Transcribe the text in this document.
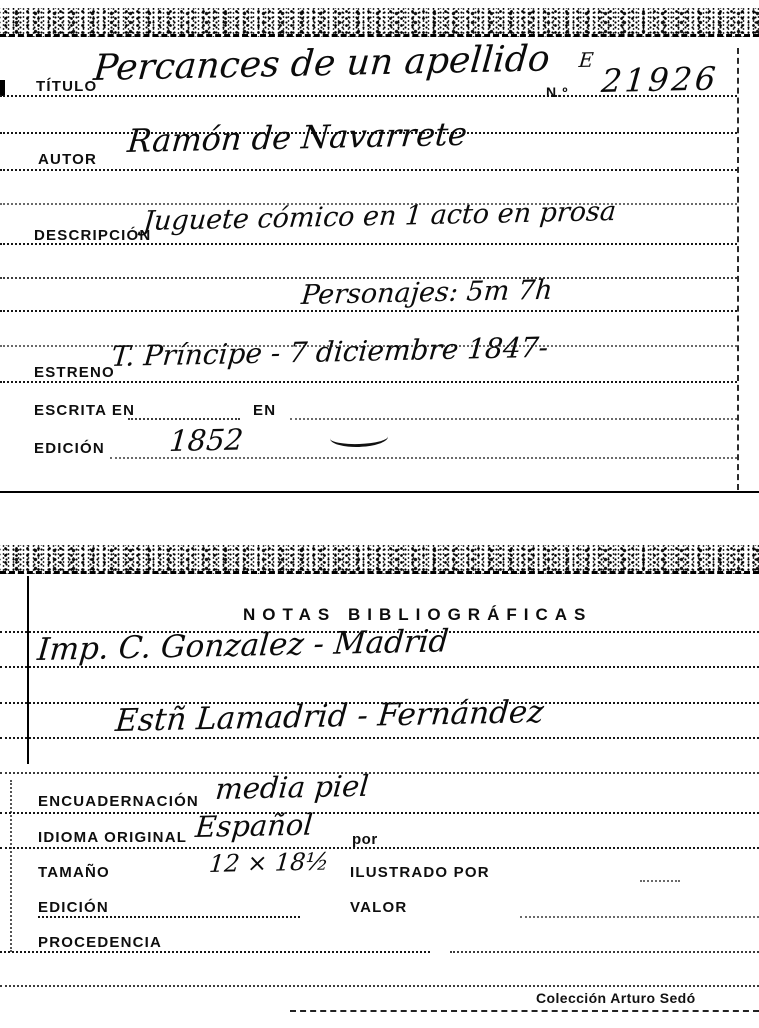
TÍTULO
Percances de un apellido
N.º
E 21926
AUTOR Ramón de Navarrete
DESCRIPCIÓN
Juguete cómico en 1 acto en prosa
Personajes: 5m 7h
ESTRENO
T. Príncipe - 7 diciembre 1847-
ESCRITA EN	EN
EDICIÓN 1852
NOTAS BIBLIOGRÁFICAS
Imp. C. Gonzalez - Madrid
Estñ Lamadrid - Fernández
ENCUADERNACIÓN media piel
IDIOMA ORIGINAL Español	por
TAMAÑO	12 × 18½ ILUSTRADO POR
EDICIÓN	VALOR
PROCEDENCIA
Colección Arturo Sedó
